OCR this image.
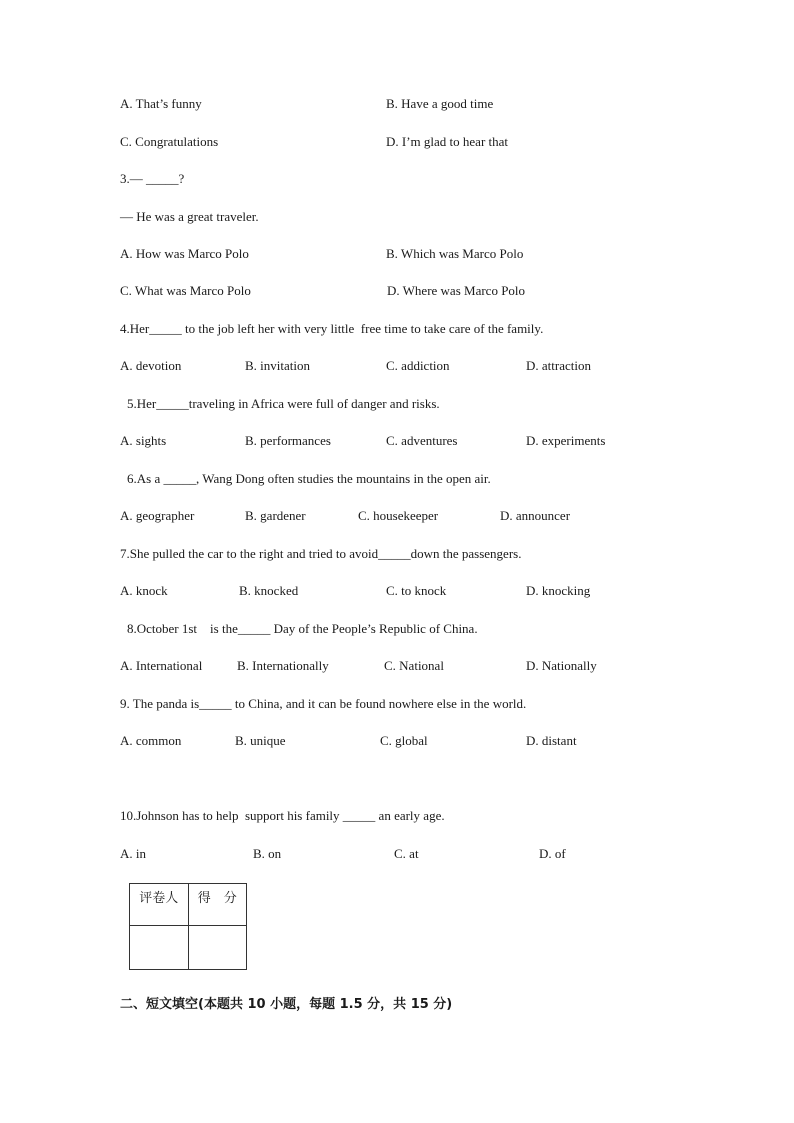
A. That’s funny	B. Have a good time
C. Congratulations	D. I’m glad to hear that
3.— _____?
— He was a great traveler.
A. How was Marco Polo	B. Which was Marco Polo
C. What was Marco Polo	D. Where was Marco Polo
4.Her_____ to the job left her with very little  free time to take care of the family.
A. devotion	B. invitation	C. addiction	D. attraction
5.Her_____traveling in Africa were full of danger and risks.
A. sights	B. performances	C. adventures	D. experiments
6.As a _____, Wang Dong often studies the mountains in the open air.
A. geographer	B. gardener	C. housekeeper	D. announcer
7.She pulled the car to the right and tried to avoid_____down the passengers.
A. knock	B. knocked	C. to knock	D. knocking
8.October 1st    is the_____ Day of the People’s Republic of China.
A. International	B. Internationally	C. National	D. Nationally
9. The panda is_____ to China, and it can be found nowhere else in the world.
A. common	B. unique	C. global	D. distant
10.Johnson has to help  support his family _____ an early age.
A. in	B. on	C. at	D. of
评卷人	得　分

二、短文填空(本题共 10 小题，每题 1.5 分，共 15 分)
